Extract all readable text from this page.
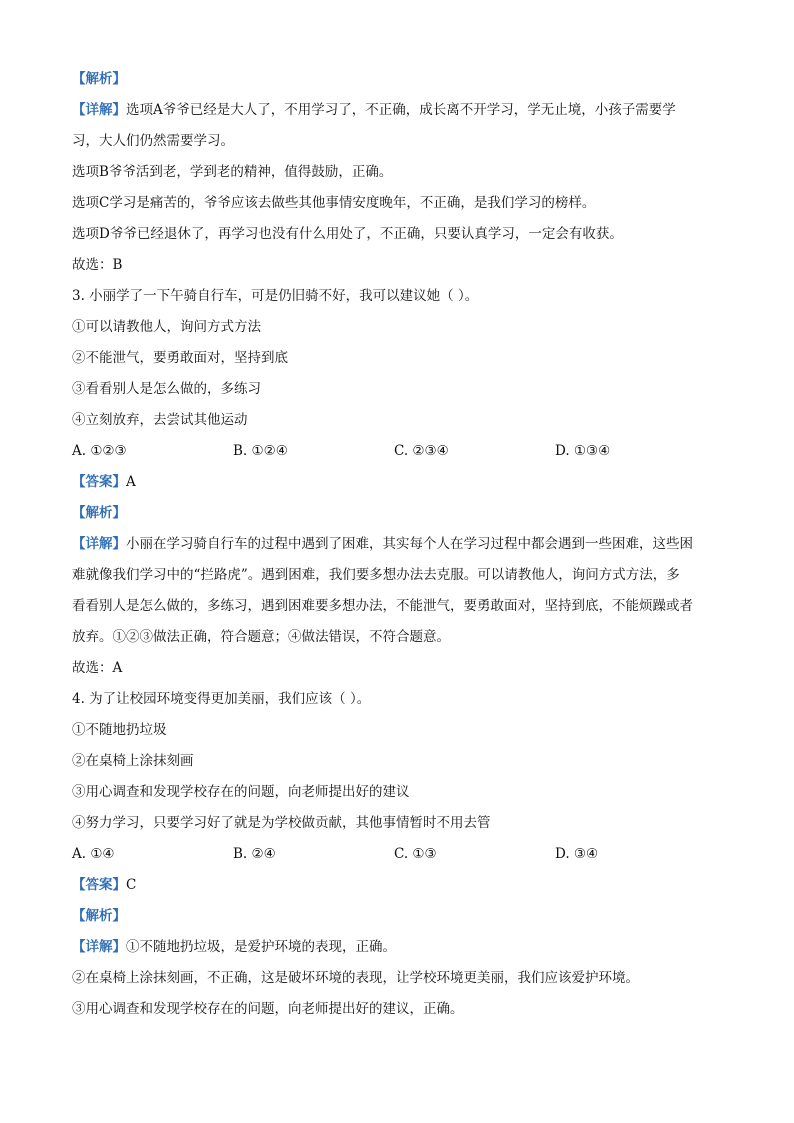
【解析】
【详解】选项A爷爷已经是大人了，不用学习了，不正确，成长离不开学习，学无止境，小孩子需要学
习，大人们仍然需要学习。
选项B爷爷活到老，学到老的精神，值得鼓励，正确。
选项C学习是痛苦的，爷爷应该去做些其他事情安度晚年，不正确，是我们学习的榜样。
选项D爷爷已经退休了，再学习也没有什么用处了，不正确，只要认真学习，一定会有收获。
故选：B
3. 小丽学了一下午骑自行车，可是仍旧骑不好，我可以建议她（ ）。
①可以请教他人，询问方式方法
②不能泄气，要勇敢面对，坚持到底
③看看别人是怎么做的，多练习
④立刻放弃，去尝试其他运动
A. ①②③	B. ①②④	C. ②③④	D. ①③④
【答案】A
【解析】
【详解】小丽在学习骑自行车的过程中遇到了困难，其实每个人在学习过程中都会遇到一些困难，这些困
难就像我们学习中的“拦路虎”。遇到困难，我们要多想办法去克服。可以请教他人，询问方式方法，多
看看别人是怎么做的，多练习，遇到困难要多想办法，不能泄气，要勇敢面对，坚持到底，不能烦躁或者
放弃。①②③做法正确，符合题意；④做法错误，不符合题意。
故选：A
4. 为了让校园环境变得更加美丽，我们应该（ ）。
①不随地扔垃圾
②在桌椅上涂抹刻画
③用心调查和发现学校存在的问题，向老师提出好的建议
④努力学习，只要学习好了就是为学校做贡献，其他事情暂时不用去管
A. ①④	B. ②④	C. ①③	D. ③④
【答案】C
【解析】
【详解】①不随地扔垃圾，是爱护环境的表现，正确。
②在桌椅上涂抹刻画，不正确，这是破坏环境的表现，让学校环境更美丽，我们应该爱护环境。
③用心调查和发现学校存在的问题，向老师提出好的建议，正确。
